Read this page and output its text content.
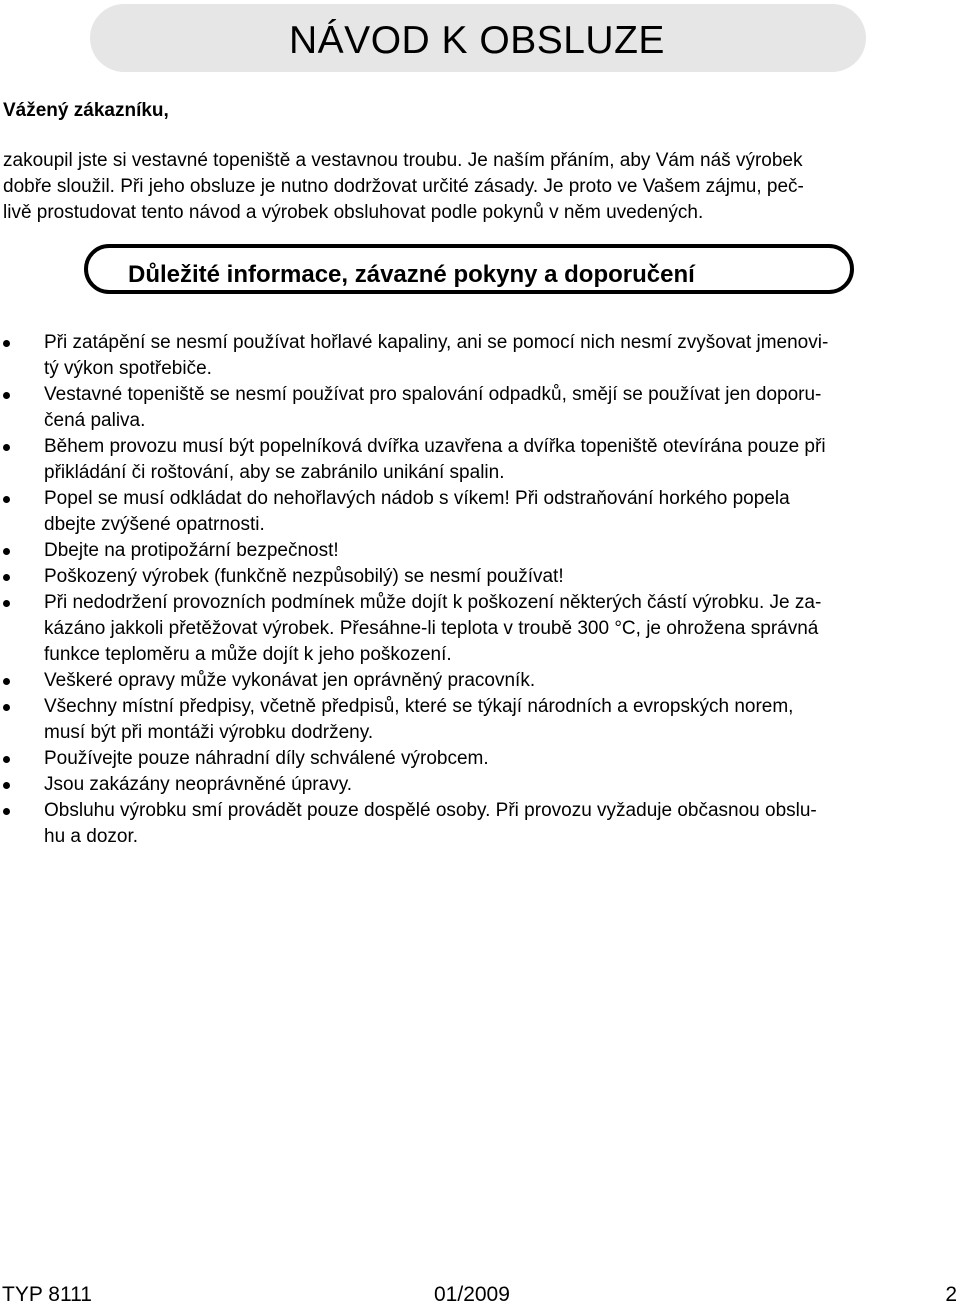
NÁVOD K OBSLUZE
Vážený zákazníku,
zakoupil jste si vestavné topeniště a vestavnou troubu. Je naším přáním, aby Vám náš výrobek
dobře sloužil. Při jeho obsluze je nutno dodržovat určité zásady. Je proto ve Vašem zájmu, peč-
livě prostudovat tento návod a výrobek obsluhovat podle pokynů v něm uvedených.
Důležité informace, závazné pokyny a doporučení
Při zatápění se nesmí používat hořlavé kapaliny, ani se pomocí nich nesmí zvyšovat jmenovi-
tý výkon spotřebiče.
Vestavné topeniště se nesmí používat pro spalování odpadků, smějí se používat jen doporu-
čená paliva.
Během provozu musí být popelníková dvířka uzavřena a dvířka topeniště otevírána pouze při
přikládání či roštování, aby se zabránilo unikání spalin.
Popel se musí odkládat do nehořlavých nádob s víkem! Při odstraňování horkého popela
dbejte zvýšené opatrnosti.
Dbejte na protipožární bezpečnost!
Poškozený výrobek (funkčně nezpůsobilý) se nesmí používat!
Při nedodržení provozních podmínek může dojít k poškození některých částí výrobku. Je za-
kázáno jakkoli přetěžovat výrobek. Přesáhne-li teplota v troubě 300 °C, je ohrožena správná
funkce teploměru a může dojít k jeho poškození.
Veškeré opravy může vykonávat jen oprávněný pracovník.
Všechny místní předpisy, včetně předpisů, které se týkají národních a evropských norem,
musí být při montáži výrobku dodrženy.
Používejte pouze náhradní díly schválené výrobcem.
Jsou zakázány neoprávněné úpravy.
Obsluhu výrobku smí provádět pouze dospělé osoby. Při provozu vyžaduje občasnou obslu-
hu a dozor.
TYP 8111	01/2009	2
